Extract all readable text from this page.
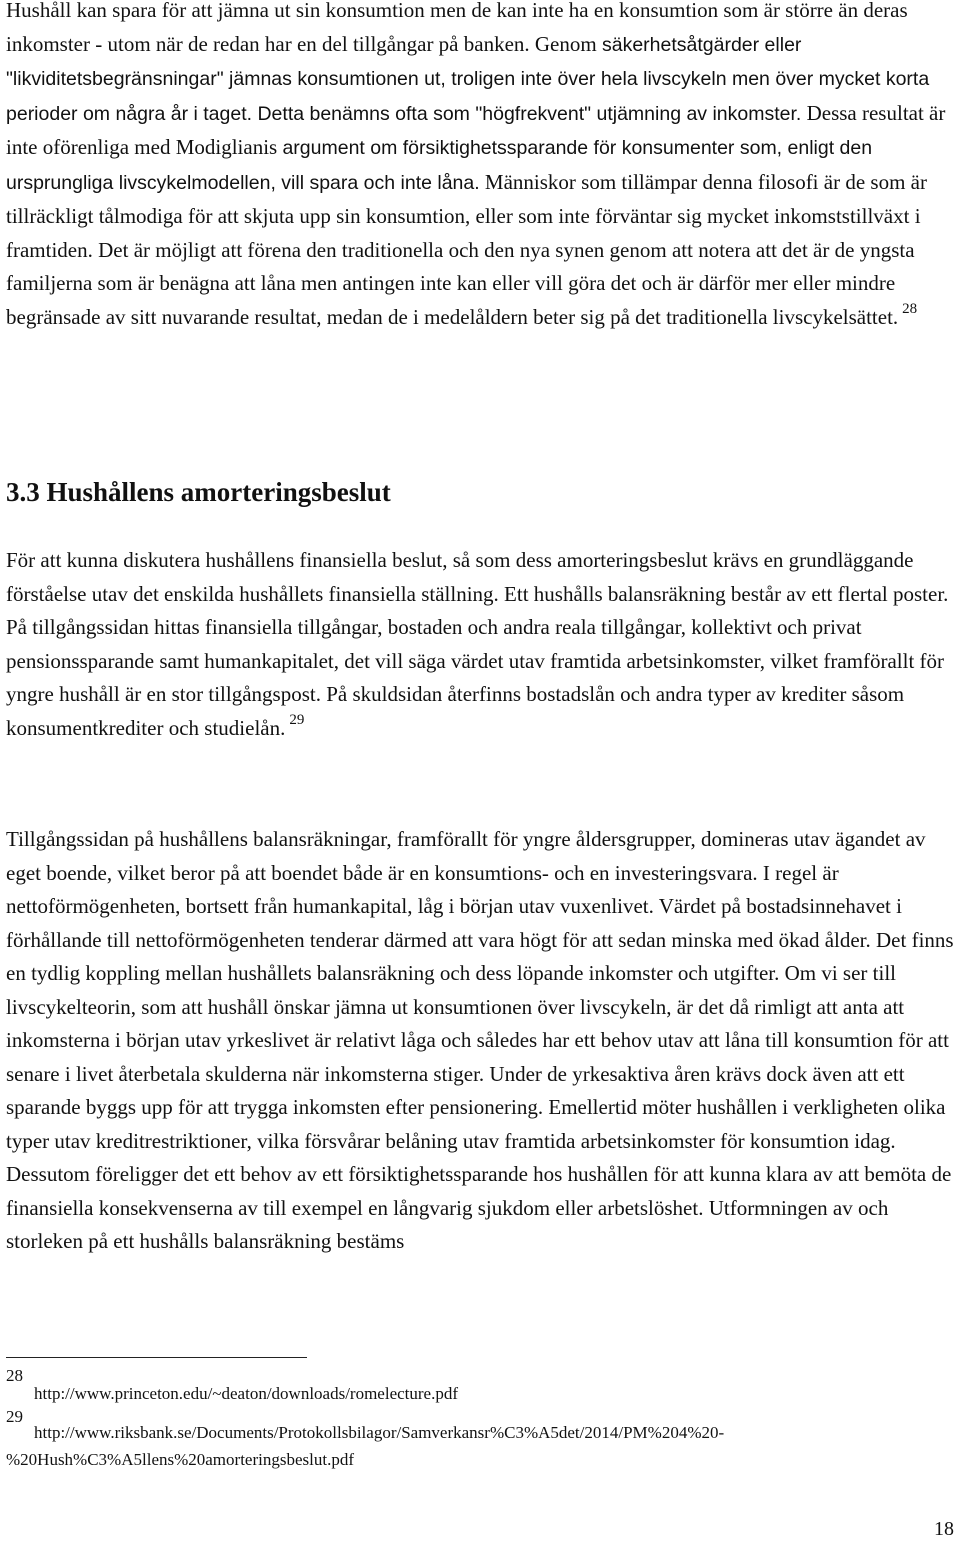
Hushåll kan spara för att jämna ut sin konsumtion men de kan inte ha en konsumtion som är större än deras inkomster - utom när de redan har en del tillgångar på banken. Genom säkerhetsåtgärder eller "likviditetsbegränsningar" jämnas konsumtionen ut, troligen inte över hela livscykeln men över mycket korta perioder om några år i taget. Detta benämns ofta som "högfrekvent" utjämning av inkomster. Dessa resultat är inte oförenliga med Modiglianis argument om försiktighetssparande för konsumenter som, enligt den ursprungliga livscykelmodellen, vill spara och inte låna. Människor som tillämpar denna filosofi är de som är tillräckligt tålmodiga för att skjuta upp sin konsumtion, eller som inte förväntar sig mycket inkomststillväxt i framtiden. Det är möjligt att förena den traditionella och den nya synen genom att notera att det är de yngsta familjerna som är benägna att låna men antingen inte kan eller vill göra det och är därför mer eller mindre begränsade av sitt nuvarande resultat, medan de i medelåldern beter sig på det traditionella livscykelsättet. $^{28}$

3.3 Hushållens amorteringsbeslut

För att kunna diskutera hushållens finansiella beslut, så som dess amorteringsbeslut krävs en grundläggande förståelse utav det enskilda hushållets finansiella ställning. Ett hushålls balansräkning består av ett flertal poster. På tillgångssidan hittas finansiella tillgångar, bostaden och andra reala tillgångar, kollektivt och privat pensionssparande samt humankapitalet, det vill säga värdet utav framtida arbetsinkomster, vilket framförallt för yngre hushåll är en stor tillgångspost. På skuldsidan återfinns bostadslån och andra typer av krediter såsom konsumentkrediter och studielån. $^{29}$

Tillgångssidan på hushållens balansräkningar, framförallt för yngre åldersgrupper, domineras utav ägandet av eget boende, vilket beror på att boendet både är en konsumtions- och en investeringsvara. I regel är nettoförmögenheten, bortsett från humankapital, låg i början utav vuxenlivet. Värdet på bostadsinnehavet i förhållande till nettoförmögenheten tenderar därmed att vara högt för att sedan minska med ökad ålder. Det finns en tydlig koppling mellan hushållets balansräkning och dess löpande inkomster och utgifter. Om vi ser till livscykelteorin, som att hushåll önskar jämna ut konsumtionen över livscykeln, är det då rimligt att anta att inkomsterna i början utav yrkeslivet är relativt låga och således har ett behov utav att låna till konsumtion för att senare i livet återbetala skulderna när inkomsterna stiger. Under de yrkesaktiva åren krävs dock även att ett sparande byggs upp för att trygga inkomsten efter pensionering. Emellertid möter hushållen i verkligheten olika typer utav kreditrestriktioner, vilka försvårar belåning utav framtida arbetsinkomster för konsumtion idag. Dessutom föreligger det ett behov av ett försiktighetssparande hos hushållen för att kunna klara av att bemöta de finansiella konsekvenserna av till exempel en långvarig sjukdom eller arbetslöshet. Utformningen av och storleken på ett hushålls balansräkning bestäms

28
http://www.princeton.edu/~deaton/downloads/romelecture.pdf
29
http://www.riksbank.se/Documents/Protokollsbilagor/Samverkansr%C3%A5det/2014/PM%204%20-
%20Hush%C3%A5llens%20amorteringsbeslut.pdf
18
